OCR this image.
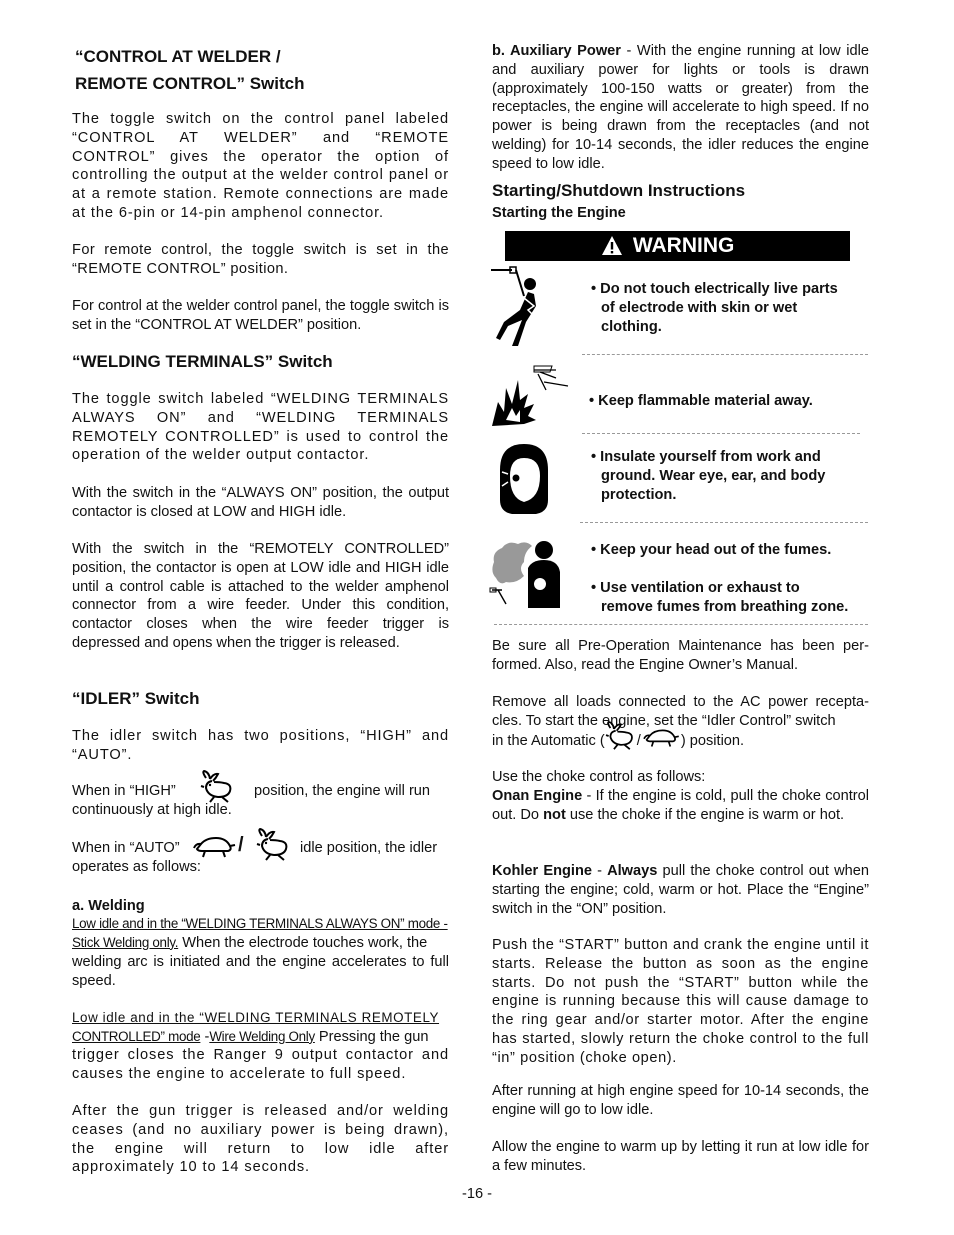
“CONTROL AT WELDER /
REMOTE CONTROL” Switch

The toggle switch on the control panel labeled “CONTROL AT WELDER” and “REMOTE CONTROL” gives the operator the option of controlling the output at the welder control panel or at a remote station. Remote connections are made at the 6-pin or 14-pin amphenol connector.

For remote control, the toggle switch is set in the “REMOTE CONTROL” position.

For control at the welder control panel, the toggle switch is set in the “CONTROL AT WELDER” position.

“WELDING TERMINALS” Switch

The toggle switch labeled “WELDING TERMINALS ALWAYS ON” and “WELDING TERMINALS REMOTELY CONTROLLED” is used to control the operation of the welder output contactor.

With the switch in the “ALWAYS ON” position, the output contactor is closed at LOW and HIGH idle.

With the switch in the “REMOTELY CONTROLLED” position, the contactor is open at LOW idle and HIGH idle until a control cable is attached to the welder amphenol connector from a wire feeder. Under this condition, contactor closes when the wire feeder trigger is depressed and opens when the trigger is released.

“IDLER” Switch

The idler switch has two positions, “HIGH” and “AUTO”.

When in “HIGH”	position, the engine will run
continuously at high idle.
When in “AUTO”	/	idle position, the idler
operates as follows:
a. Welding
Low idle and in the “WELDING TERMINALS ALWAYS ON” mode -
Stick Welding only. When the electrode touches work, the

welding arc is initiated and the engine accelerates to full speed.

Low idle and in the “WELDING TERMINALS REMOTELY
CONTROLLED” mode -Wire Welding Only Pressing the gun

trigger closes the Ranger 9 output contactor and causes the engine to accelerate to full speed.

After the gun trigger is released and/or welding ceases (and no auxiliary power is being drawn), the engine will return to low idle after approximately 10 to 14 seconds.

b. Auxiliary Power - With the engine running at low idle and auxiliary power for lights or tools is drawn (approximately 100-150 watts or greater) from the receptacles, the engine will accelerate to high speed. If no power is being drawn from the receptacles (and not welding) for 10-14 seconds, the idler reduces the engine speed to low idle.

Starting/Shutdown Instructions
Starting the Engine
WARNING
• Do not touch electrically live parts

of electrode with skin or wet
clothing.
• Keep flammable material away.
• Insulate yourself from work and

ground. Wear eye, ear, and body
protection.
• Keep your head out of the fumes.
• Use ventilation or exhaust to

remove fumes from breathing zone.

Be sure all Pre-Operation Maintenance has been per-formed. Also, read the Engine Owner’s Manual.

Remove all loads connected to the AC power recepta-cles. To start the engine, set the “Idler Control” switch

in the Automatic ( /	) position.

Use the choke control as follows:

Onan Engine - If the engine is cold, pull the choke control out. Do not use the choke if the engine is warm or hot.

Kohler Engine - Always pull the choke control out when starting the engine; cold, warm or hot. Place the “Engine” switch in the “ON” position.

Push the “START” button and crank the engine until it starts. Release the button as soon as the engine starts. Do not push the “START” button while the engine is running because this will cause damage to the ring gear and/or starter motor. After the engine has started, slowly return the choke control to the full “in” position (choke open).

After running at high engine speed for 10-14 seconds, the engine will go to low idle.

Allow the engine to warm up by letting it run at low idle for a few minutes.

-16 -
